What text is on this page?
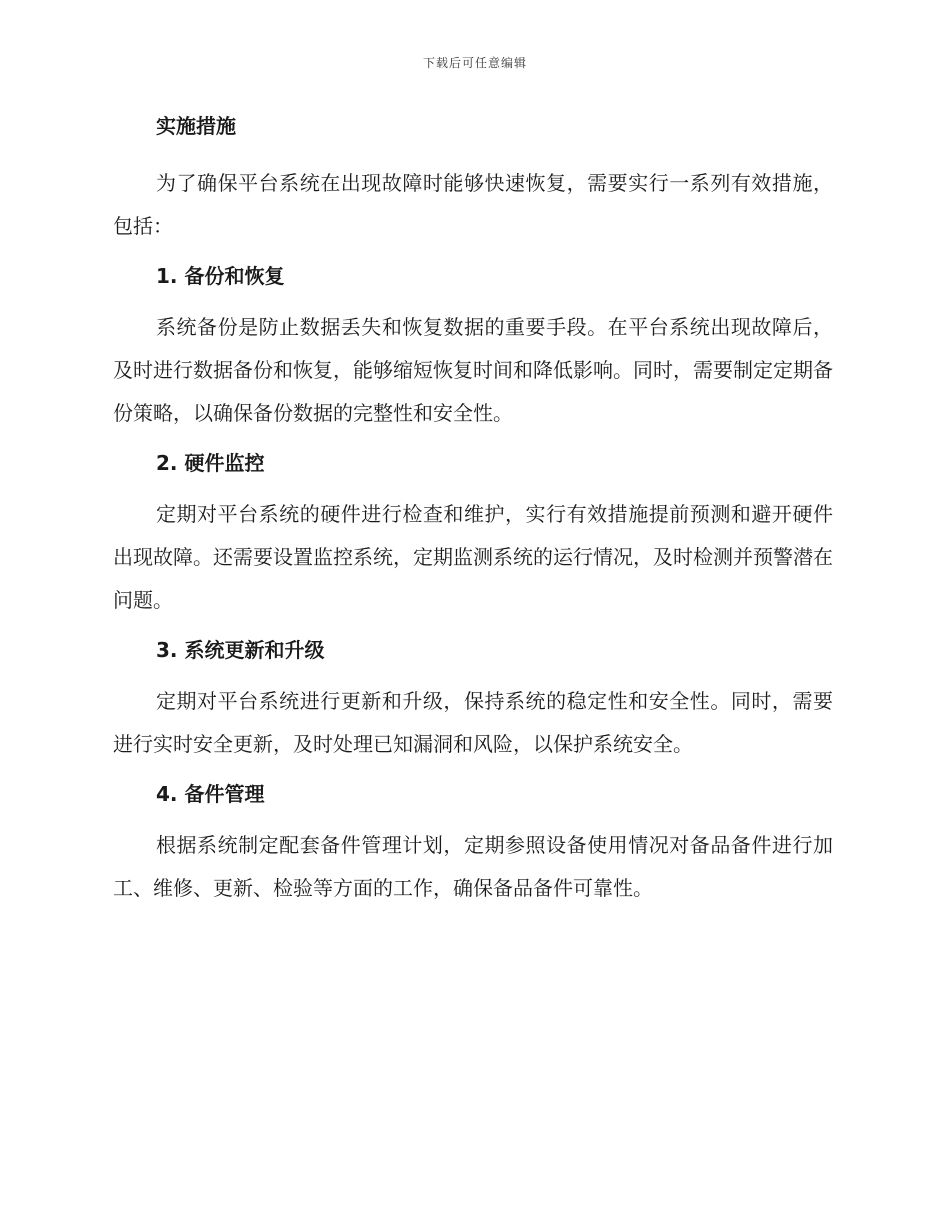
下载后可任意编辑

实施措施

为了确保平台系统在出现故障时能够快速恢复，需要实行一系列有效措施，包括：

1. 备份和恢复

系统备份是防止数据丢失和恢复数据的重要手段。在平台系统出现故障后，及时进行数据备份和恢复，能够缩短恢复时间和降低影响。同时，需要制定定期备份策略，以确保备份数据的完整性和安全性。

2. 硬件监控

定期对平台系统的硬件进行检查和维护，实行有效措施提前预测和避开硬件出现故障。还需要设置监控系统，定期监测系统的运行情况，及时检测并预警潜在问题。

3. 系统更新和升级

定期对平台系统进行更新和升级，保持系统的稳定性和安全性。同时，需要进行实时安全更新，及时处理已知漏洞和风险，以保护系统安全。

4. 备件管理

根据系统制定配套备件管理计划，定期参照设备使用情况对备品备件进行加工、维修、更新、检验等方面的工作，确保备品备件可靠性。
